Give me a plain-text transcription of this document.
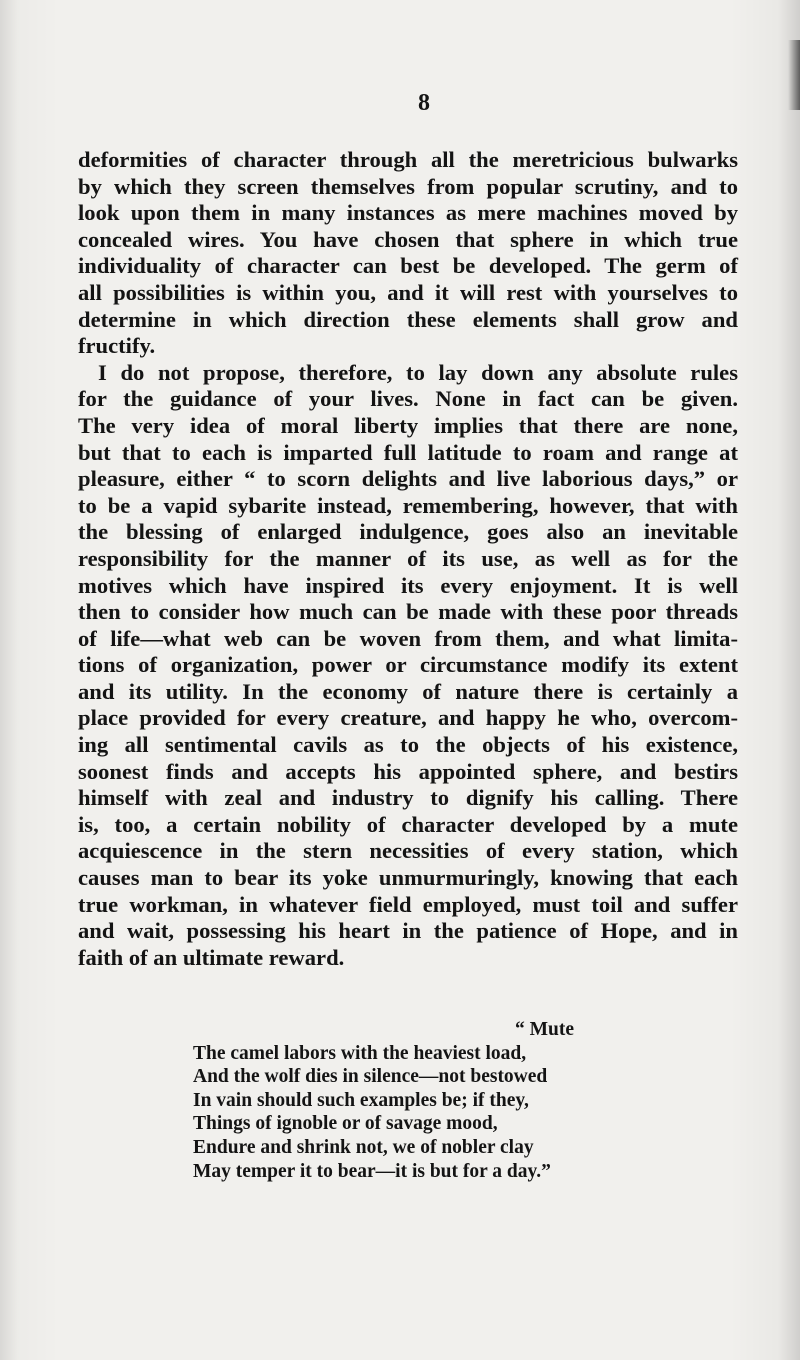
8
deformities of character through all the meretricious bulwarks
by which they screen themselves from popular scrutiny, and to
look upon them in many instances as mere machines moved by
concealed wires. You have chosen that sphere in which true
individuality of character can best be developed. The germ of
all possibilities is within you, and it will rest with yourselves to
determine in which direction these elements shall grow and
fructify.
I do not propose, therefore, to lay down any absolute rules
for the guidance of your lives. None in fact can be given.
The very idea of moral liberty implies that there are none,
but that to each is imparted full latitude to roam and range at
pleasure, either “ to scorn delights and live laborious days,” or
to be a vapid sybarite instead, remembering, however, that with
the blessing of enlarged indulgence, goes also an inevitable
responsibility for the manner of its use, as well as for the
motives which have inspired its every enjoyment. It is well
then to consider how much can be made with these poor threads
of life—what web can be woven from them, and what limita-
tions of organization, power or circumstance modify its extent
and its utility. In the economy of nature there is certainly a
place provided for every creature, and happy he who, overcom-
ing all sentimental cavils as to the objects of his existence,
soonest finds and accepts his appointed sphere, and bestirs
himself with zeal and industry to dignify his calling. There
is, too, a certain nobility of character developed by a mute
acquiescence in the stern necessities of every station, which
causes man to bear its yoke unmurmuringly, knowing that each
true workman, in whatever field employed, must toil and suffer
and wait, possessing his heart in the patience of Hope, and in
faith of an ultimate reward.
“ Mute
The camel labors with the heaviest load,
And the wolf dies in silence—not bestowed
In vain should such examples be; if they,
Things of ignoble or of savage mood,
Endure and shrink not, we of nobler clay
May temper it to bear—it is but for a day.”
